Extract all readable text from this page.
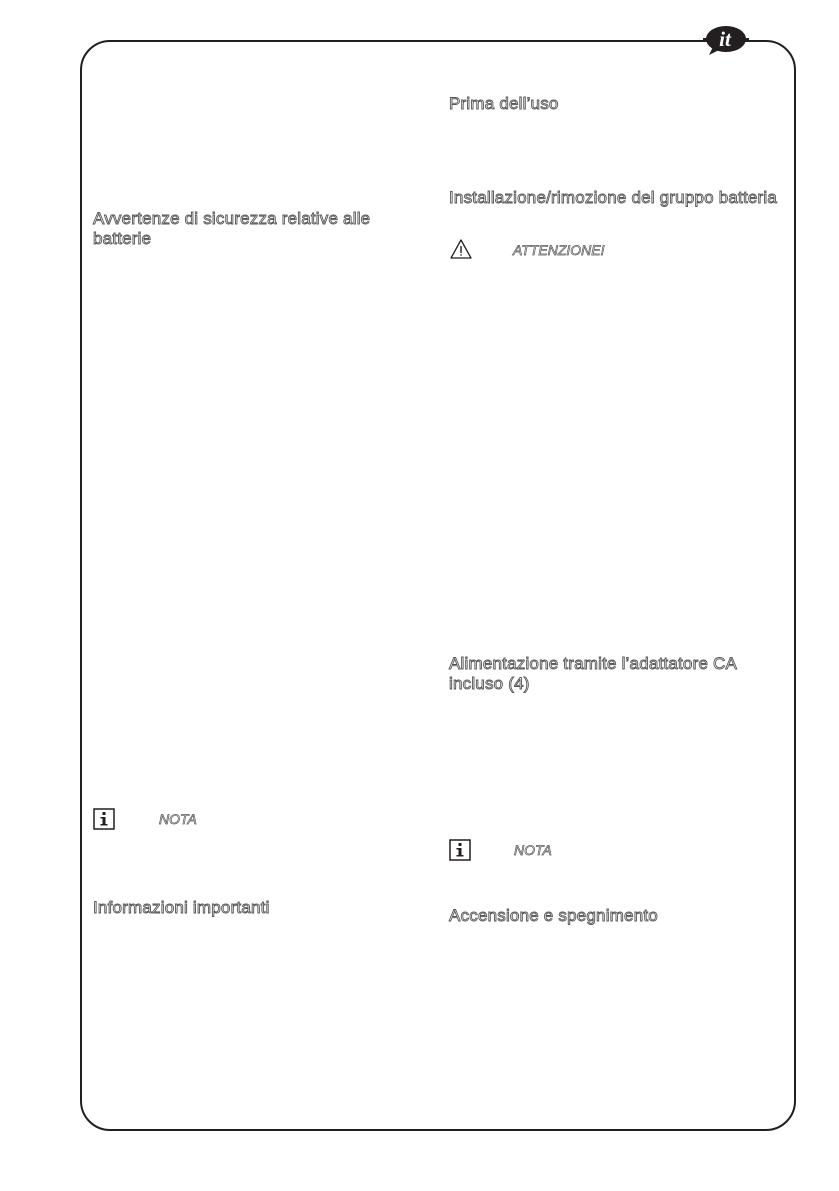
it
Avvertenze di sicurezza relative alle batterie
NOTA
Informazioni importanti
Prima dell’uso
Installazione/rimozione del gruppo batteria
ATTENZIONE!
Alimentazione tramite l’adattatore CA incluso (4)
NOTA
Accensione e spegnimento
